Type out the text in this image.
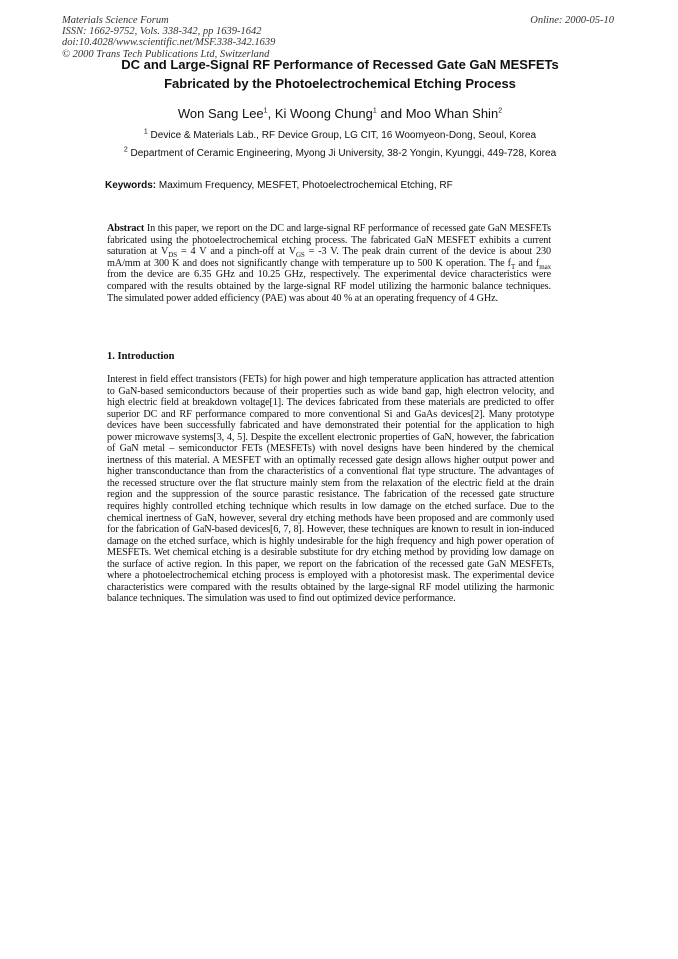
Materials Science Forum
ISSN: 1662-9752, Vols. 338-342, pp 1639-1642
doi:10.4028/www.scientific.net/MSF.338-342.1639
© 2000 Trans Tech Publications Ltd, Switzerland
Online: 2000-05-10
DC and Large-Signal RF Performance of Recessed Gate GaN MESFETs
Fabricated by the Photoelectrochemical Etching Process
Won Sang Lee$^1$, Ki Woong Chung$^1$ and Moo Whan Shin$^2$
$^1$ Device & Materials Lab., RF Device Group, LG CIT, 16 Woomyeon-Dong, Seoul, Korea
$^2$ Department of Ceramic Engineering, Myong Ji University, 38-2 Yongin, Kyunggi, 449-728, Korea
Keywords: Maximum Frequency, MESFET, Photoelectrochemical Etching, RF
Abstract In this paper, we report on the DC and large-signal RF performance of recessed gate GaN MESFETs fabricated using the photoelectrochemical etching process. The fabricated GaN MESFET exhibits a current saturation at $V_{DS} = 4$ V and a pinch-off at $V_{GS} = -3$ V. The peak drain current of the device is about 230 mA/mm at 300 K and does not significantly change with temperature up to 500 K operation. The $f_T$ and $f_{max}$ from the device are 6.35 GHz and 10.25 GHz, respectively. The experimental device characteristics were compared with the results obtained by the large-signal RF model utilizing the harmonic balance techniques. The simulated power added efficiency (PAE) was about 40 % at an operating frequency of 4 GHz.
1. Introduction
Interest in field effect transistors (FETs) for high power and high temperature application has attracted attention to GaN-based semiconductors because of their properties such as wide band gap, high electron velocity, and high electric field at breakdown voltage[1]. The devices fabricated from these materials are predicted to offer superior DC and RF performance compared to more conventional Si and GaAs devices[2]. Many prototype devices have been successfully fabricated and have demonstrated their potential for the application to high power microwave systems[3, 4, 5]. Despite the excellent electronic properties of GaN, however, the fabrication of GaN metal – semiconductor FETs (MESFETs) with novel designs have been hindered by the chemical inertness of this material. A MESFET with an optimally recessed gate design allows higher output power and higher transconductance than from the characteristics of a conventional flat type structure. The advantages of the recessed structure over the flat structure mainly stem from the relaxation of the electric field at the drain region and the suppression of the source parastic resistance. The fabrication of the recessed gate structure requires highly controlled etching technique which results in low damage on the etched surface. Due to the chemical inertness of GaN, however, several dry etching methods have been proposed and are commonly used for the fabrication of GaN-based devices[6, 7, 8]. However, these techniques are known to result in ion-induced damage on the etched surface, which is highly undesirable for the high frequency and high power operation of MESFETs. Wet chemical etching is a desirable substitute for dry etching method by providing low damage on the surface of active region. In this paper, we report on the fabrication of the recessed gate GaN MESFETs, where a photoelectrochemical etching process is employed with a photoresist mask. The experimental device characteristics were compared with the results obtained by the large-signal RF model utilizing the harmonic balance techniques. The simulation was used to find out optimized device performance.
